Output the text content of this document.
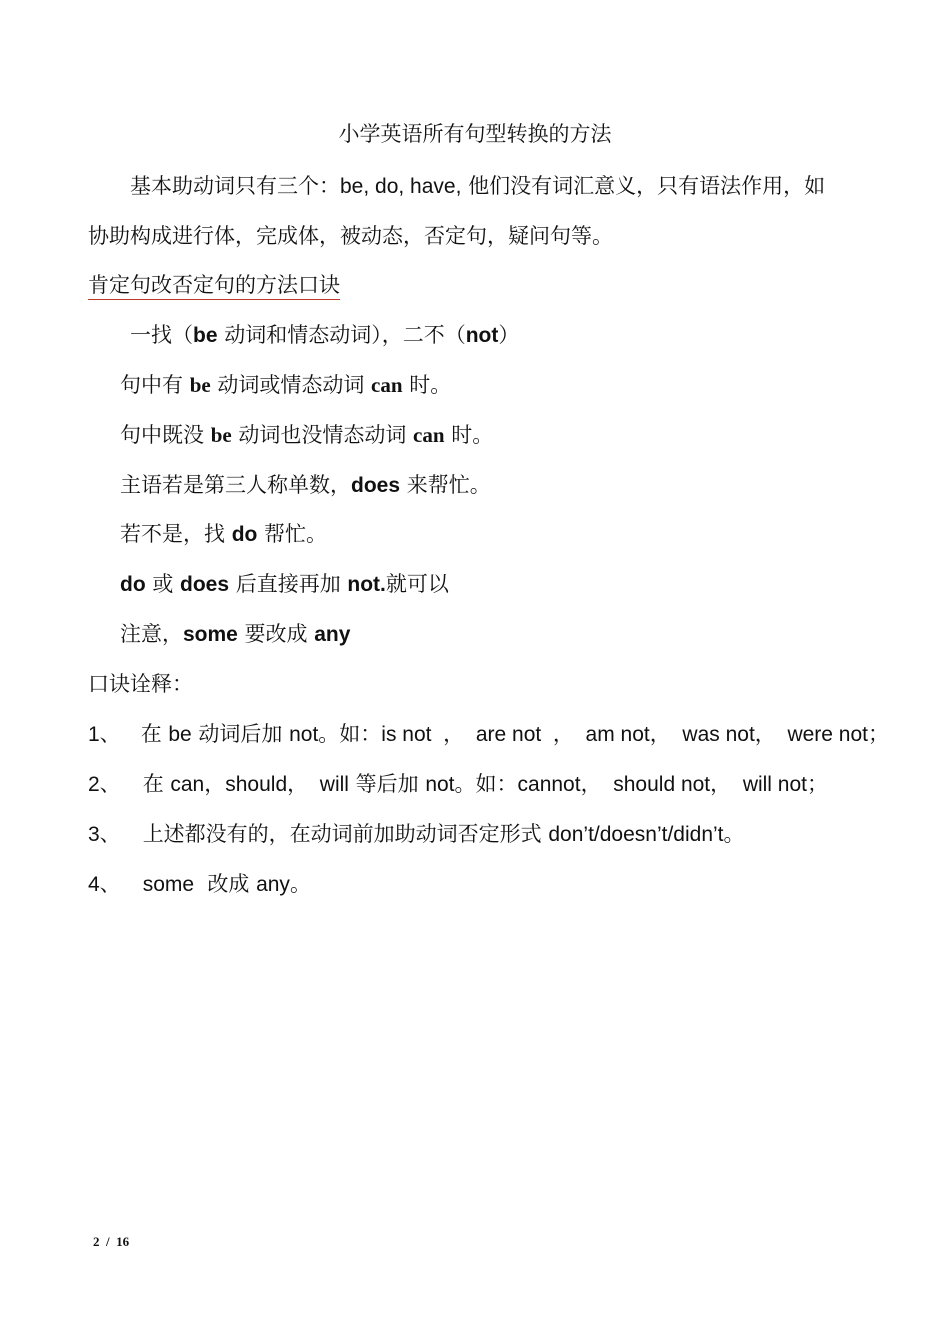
小学英语所有句型转换的方法
基本助动词只有三个：be, do, have, 他们没有词汇意义，只有语法作用，如
协助构成进行体，完成体，被动态，否定句，疑问句等。
肯定句改否定句的方法口诀
一找（be 动词和情态动词），二不（not）
句中有 be 动词或情态动词 can 时。
句中既没 be 动词也没情态动词 can 时。
主语若是第三人称单数，does 来帮忙。
若不是，找 do 帮忙。
do 或 does 后直接再加 not.就可以
注意，some 要改成 any
口诀诠释：
1、 在 be 动词后加 not。如：is not  ，  are not  ，  am not，  was not，  were not；
2、 在 can，should，  will 等后加 not。如：cannot，  should not，  will not；
3、 上述都没有的，在动词前加助动词否定形式 don’t/doesn’t/didn’t。
4、 some  改成 any。
2  /  16
